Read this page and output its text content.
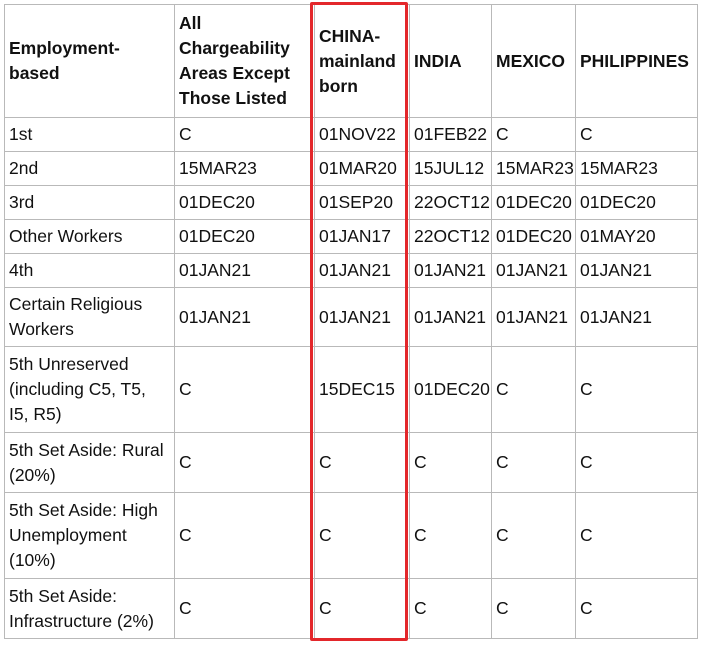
Employment- based	All Chargeability Areas Except Those Listed	CHINA- mainland born	INDIA	MEXICO	PHILIPPINES
1st	C	01NOV22	01FEB22	C	C
2nd	15MAR23	01MAR20	15JUL12	15MAR23	15MAR23
3rd	01DEC20	01SEP20	22OCT12	01DEC20	01DEC20
Other Workers	01DEC20	01JAN17	22OCT12	01DEC20	01MAY20
4th	01JAN21	01JAN21	01JAN21	01JAN21	01JAN21
Certain Religious Workers	01JAN21	01JAN21	01JAN21	01JAN21	01JAN21
5th Unreserved (including C5, T5, I5, R5)	C	15DEC15	01DEC20	C	C
5th Set Aside: Rural (20%)	C	C	C	C	C
5th Set Aside: High Unemployment (10%)	C	C	C	C	C
5th Set Aside: Infrastructure (2%)	C	C	C	C	C
